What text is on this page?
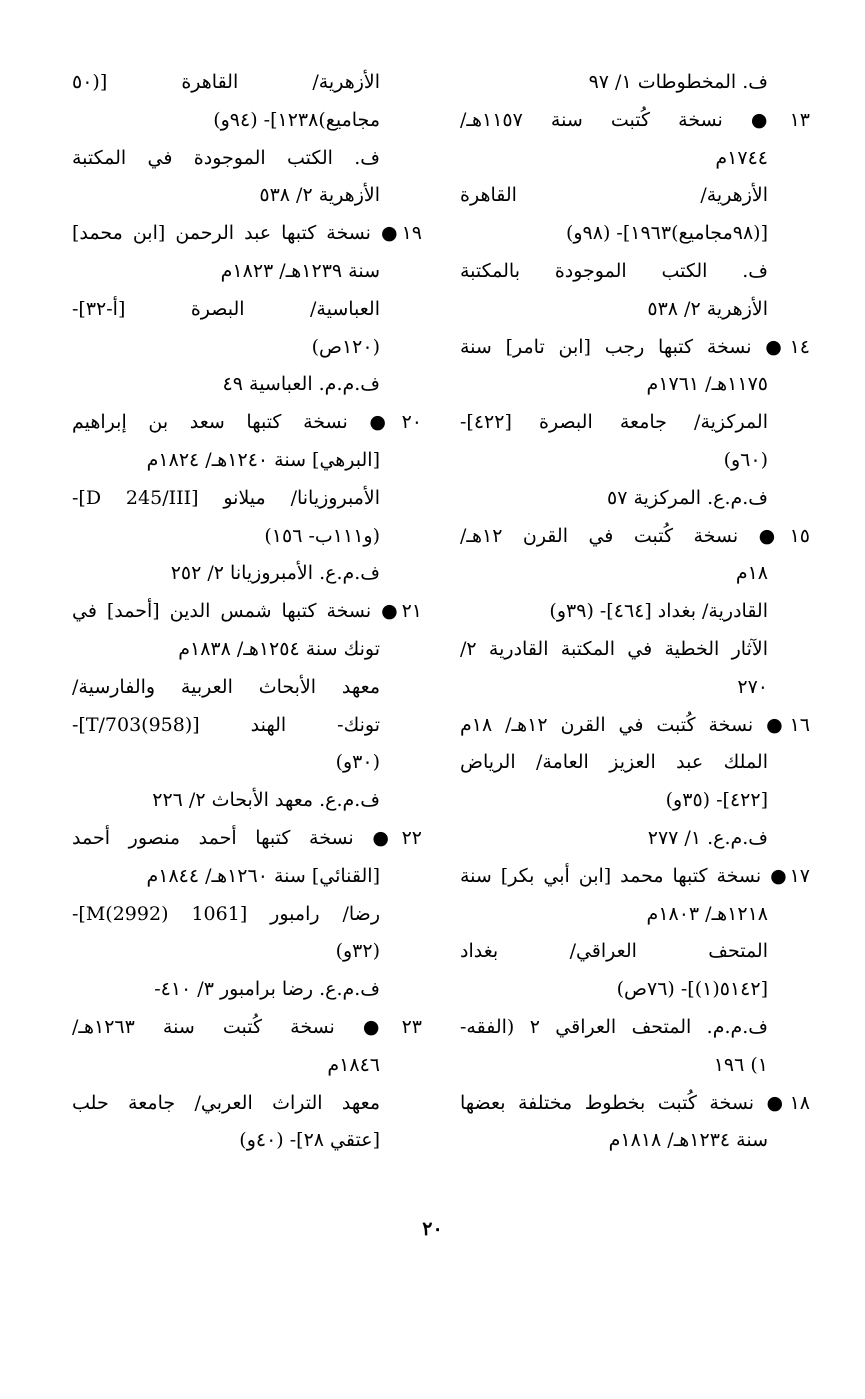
ف. المخطوطات ١/ ٩٧
١٣● نسخة كُتبت سنة ١١٥٧هـ/
١٧٤٤م
الأزهرية/ القاهرة
[(٩٨مجاميع)١٩٦٣]- (٩٨و)
ف. الكتب الموجودة بالمكتبة
الأزهرية ٢/ ٥٣٨
١٤● نسخة كتبها رجب [ابن تامر] سنة
١١٧٥هـ/ ١٧٦١م
المركزية/ جامعة البصرة [٤٢٢]-
(٦٠و)
ف.م.ع. المركزية ٥٧
١٥● نسخة كُتبت في القرن ١٢هـ/
١٨م
القادرية/ بغداد [٤٦٤]- (٣٩و)
الآثار الخطية في المكتبة القادرية ٢/
٢٧٠
١٦● نسخة كُتبت في القرن ١٢هـ/ ١٨م
الملك عبد العزيز العامة/ الرياض
[٤٢٢]- (٣٥و)
ف.م.ع. ١/ ٢٧٧
١٧● نسخة كتبها محمد [ابن أبي بكر] سنة
١٢١٨هـ/ ١٨٠٣م
المتحف العراقي/ بغداد
[٥١٤٢(١)]- (٧٦ص)
ف.م.م. المتحف العراقي ٢ (الفقه-
١) ١٩٦
١٨● نسخة كُتبت بخطوط مختلفة بعضها
سنة ١٢٣٤هـ/ ١٨١٨م
الأزهرية/ القاهرة [(٥٠
مجاميع)١٢٣٨]- (٩٤و)
ف. الكتب الموجودة في المكتبة
الأزهرية ٢/ ٥٣٨
١٩● نسخة كتبها عبد الرحمن [ابن محمد]
سنة ١٢٣٩هـ/ ١٨٢٣م
العباسية/ البصرة [أ-٣٢]-
(١٢٠ص)
ف.م.م. العباسية ٤٩
٢٠● نسخة كتبها سعد بن إبراهيم
[البرهي] سنة ١٢٤٠هـ/ ١٨٢٤م
الأمبروزيانا/ ميلانو [D 245/III]-
(و١١١ب- ١٥٦)
ف.م.ع. الأمبروزيانا ٢/ ٢٥٢
٢١● نسخة كتبها شمس الدين [أحمد] في
تونك سنة ١٢٥٤هـ/ ١٨٣٨م
معهد الأبحاث العربية والفارسية/
تونك- الهند [T/703(958)]-
(٣٠و)
ف.م.ع. معهد الأبحاث ٢/ ٢٢٦
٢٢● نسخة كتبها أحمد منصور أحمد
[القنائي] سنة ١٢٦٠هـ/ ١٨٤٤م
رضا/ رامبور [1061 M(2992)]-
(٣٢و)
ف.م.ع. رضا برامبور ٣/ ٤١٠-
٢٣● نسخة كُتبت سنة ١٢٦٣هـ/
١٨٤٦م
معهد التراث العربي/ جامعة حلب
[عتقي ٢٨]- (٤٠و)
٢٠
